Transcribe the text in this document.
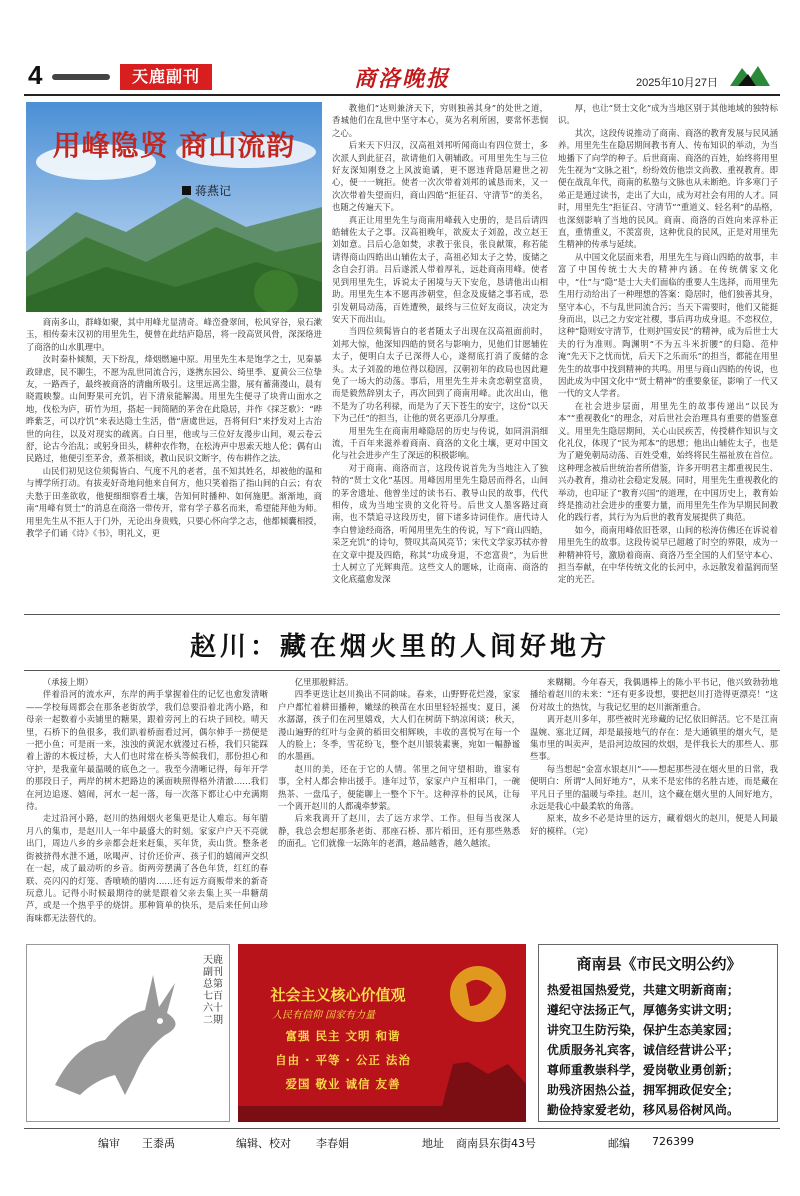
4	天鹿副刊	商洛晚报	2025年10月27日
用峰隐贤 商山流韵
蒋燕记

商南多山，群峰如聚，其中用峰尤显清奇。峰峦叠翠间，松风穿谷，泉石漱玉，相传秦末汉初的用里先生，便曾在此结庐隐居，将一段高贤风骨，深深烙进了商洛的山水肌理中。

汝时秦朴倾颓，天下纷乱，烽烟燃遍中原。用里先生本是饱学之士，见秦暴政肆虐，民不聊生，不愿为乱世同流合污，遂携东园公、绮里季、夏黄公三位挚友，一路西子，最终被商洛的清幽所吸引。这里远离尘嚣，展有蓄蒲漫山，晨有晓霞映黎。山间野果可充饥，岩下清泉能解渴。用里先生便寻了块背山面水之地，伐松为庐，斫竹为垣，搭起一间简陋的茅舍在此隐居，并作《採芝歌》：“晔晔紫芝，可以疗饥”来表达隐士生活，借“唐虞世远，吾将何归”来抒发对上古治世的向往，以及对现实的疏离。白日里，他或与三位好友漫步山间，观云卷云舒，论古今治乱；或躬身田头，耕种农作物，在松涛声中思索天地人伦；偶有山民路过，他便引至茅舍，煮茶相谈，教山民识文断字，传布耕作之法。

山民们初见这位须髯皆白、气度不凡的老者，虽不知其姓名，却被他的温和与博学所打动。有拔麦好奇地问他来自何方，他只笑着指了指山间的白云；有农夫愁于田垄欲收，他便细细察看土壤，告知何时播种、如何施肥。渐渐地，商南“用峰有贤士”的消息在商洛一带传开，常有学子慕名而来，希望能拜他为师。用里先生从不拒人于门外，无论出身贵贱，只要心怀向学之志，他都倾囊相授，教学子们诵《诗》《书》，明礼义，更

教他们“达则兼济天下，穷则独善其身”的处世之道，香城他们在乱世中坚守本心，莫为名利所困，要常怀悲悯之心。

后来天下归汉，汉高祖刘邦听闻商山有四位贤士，多次派人到此征召，欲请他们入朝辅政。可用里先生与三位好友深知刚登之上风波诡谲，更不愿违背隐居避世之初心，便一一婉拒。使者一次次带着刘邦的诚恳而来，又一次次带着失望而归，商山四皓“拒征召、守清节”的美名，也随之传遍天下。

真正让用里先生与商南用峰载入史册的，是吕后请四皓辅佐太子之事。汉高祖晚年，欲废太子刘盈，改立赵王刘如意。吕后心急如焚，求教于张良，张良献策，称若能请得商山四皓出山辅佐太子，高祖必知太子之势，废储之念自会打消。吕后遂派人带着厚礼，远赴商南用峰。使者见到用里先生，诉说太子困境与天下安危，恳请他出山相助。用里先生本不愿再涉朝堂，但念及废储之事若成，恐引发朝局动荡，百姓遭殃，最终与三位好友商议，决定为安天下而出山。

当四位须髯皆白的老者随太子出现在汉高祖面前时，刘邦大惊，他深知四皓的贤名与影响力，见他们甘愿辅佐太子，便明白太子已深得人心，遂彻底打消了废储的念头。太子刘盈的地位得以稳固，汉朝初年的政局也因此避免了一场大的动荡。事后，用里先生并未贪恋朝堂富贵，而是毅然辞别太子，再次回到了商南用峰。此次出山，他不是为了功名利禄，而是为了天下苍生的安宁，这份“以天下为己任”的担当，让他的贤名更添几分厚重。

用里先生在商南用峰隐居的历史与传说，如同涓涓细流，千百年来滋养着商南、商洛的文化土壤，更对中国文化与社会进步产生了深远的积极影响。

对于商南、商洛而言，这段传说首先为当地注入了独特的“贤士文化”基因。用峰因用里先生隐居而得名，山间的茅舍遗址、他曾坐过的读书石、教导山民的故事，代代相传，成为当地宝贵的文化符号。后世文人墨客路过商南，也不禁追寻这段历史，留下诸多诗词佳作。唐代诗人李白曾途经商洛，听闻用里先生的传说，写下“商山四皓，采芝充饥”的诗句，赞叹其高风亮节；宋代文学家苏轼亦曾在文章中提及四皓，称其“功成身退，不恋富贵”，为后世士人树立了光辉典范。这些文人的题咏，让商南、商洛的文化底蕴愈发深

厚，也让“贤士文化”成为当地区别于其他地域的独特标识。

其次，这段传说推动了商南、商洛的教育发展与民风涵养。用里先生在隐居期间教书育人、传布知识的举动，为当地播下了向学的种子。后世商南、商洛的百姓，始终将用里先生视为“文脉之祖”，纷纷效仿他崇文尚教、重视教育。即便在战乱年代，商南的私塾与文脉也从未断绝。许多寒门子弟正是通过读书，走出了大山，成为对社会有用的人才。同时，用里先生“拒征召、守清节”“重道义、轻名利”的品格，也深刻影响了当地的民风。商南、商洛的百姓向来淳朴正直，重情重义，不羡富贵，这种优良的民风，正是对用里先生精神的传承与延续。

从中国文化层面来看，用里先生与商山四皓的故事，丰富了中国传统士大夫的精神内涵。在传统儒家文化中，“仕”与“隐”是士大夫们面临的重要人生选择，而用里先生用行动给出了一种理想的答案：隐居时，他们独善其身，坚守本心，不与乱世同流合污；当天下需要时，他们又能挺身而出，以己之力安定社稷，事后再功成身退。不恋权位，这种“隐则安守清节，仕则护国安民”的精神，成为后世士大夫的行为准则。陶渊明“不为五斗米折腰”的归隐、范仲淹“先天下之忧而忧，后天下之乐而乐”的担当，都能在用里先生的故事中找到精神的共鸣。用里与商山四皓的传说，也因此成为中国文化中“贤士精神”的重要象征，影响了一代又一代的文人学者。

在社会进步层面，用里先生的故事传递出“以民为本”“重视教化”的理念，对后世社会治理具有重要的借鉴意义。用里先生隐居期间，关心山民疾苦，传授耕作知识与文化礼仪，体现了“民为邦本”的思想；他出山辅佐太子，也是为了避免朝局动荡、百姓受难，始终将民生福祉放在首位。这种理念被后世统治者所借鉴，许多开明君主都重视民生、兴办教育，推动社会稳定发展。同时，用里先生重视教化的举动，也印证了“教育兴国”的道理，在中国历史上，教育始终是推动社会进步的重要力量，而用里先生作为早期民间教化的践行者，其行为为后世的教育发展提供了典范。

如今，商南用峰依旧苍翠，山间的松涛仿佛还在诉说着用里先生的故事。这段传说早已超越了时空的界限，成为一种精神符号，激励着商南、商洛乃至全国的人们坚守本心、担当奉献，在中华传统文化的长河中，永远散发着温润而坚定的光芒。

赵川：藏在烟火里的人间好地方

（承接上期）

伴着沿河的流水声，东岸的两手掌握着住的记忆也愈发清晰——学校每周都会在那条老街放学，我们总要沿着北湾小路，和母亲一起数着小卖铺里的糖果，跟着旁河上的石块子回校。晴天里，石桥下的鱼很多，我们趴着桥面看过河，偶尔伸手一捞便是一把小鱼；可是雨一来，浊浊的黄泥水就漫过石桥，我们只能踩着上游的木板过桥，大人们也时常在桥头等候我们，那份担心和守护，是我童年最温暖的底色之一。我至今清晰记得，每年开学的那段日子，两岸的树木把路边的溪面映照得格外清澈……我们在河边追逐、嬉闹，河水一起一落，每一次落下都让心中充满期待。

走过沿河小路，赵川的热闹烟火老集更是让人难忘。每年腊月八的集市，是赵川人一年中最盛大的时刻。家家户户天不亮就出门，周边八乡的乡亲都会赶来赶集，买年货，卖山货。整条老街被挤得水泄不通，吆喝声、讨价还价声、孩子们的嬉闹声交织在一起，成了最动听的乡音。街两旁摆满了各色年货，红红的春联、亮闪闪的灯笼、香喷喷的腊肉……还有远方商贩带来的新奇玩意儿。记得小时候最期待的就是跟着父亲去集上买一串糖葫芦，或是一个热乎乎的烧饼。那种简单的快乐，是后来任何山珍海味都无法替代的。

亿里那般鲜活。

四季更迭让赵川换出不同韵味。春来，山野野花烂漫，家家户户都忙着耕田播种，嫩绿的秧苗在水田里轻轻摇曳；夏日，溪水潺潺，孩子们在河里嬉戏，大人们在树荫下纳凉闲谈；秋天，漫山遍野的红叶与金黄的稻田交相辉映，丰收的喜悦写在每一个人的脸上；冬季，雪花纷飞，整个赵川银装素裹，宛如一幅静谧的水墨画。

赵川的美，还在于它的人情。邻里之间守望相助，谁家有事，全村人都会伸出援手。逢年过节，家家户户互相串门，一碗热茶、一盘瓜子，便能聊上一整个下午。这种淳朴的民风，让每一个离开赵川的人都魂牵梦萦。

后来我离开了赵川，去了远方求学、工作。但每当夜深人静，我总会想起那条老街、那座石桥、那片稻田，还有那些熟悉的面孔。它们就像一坛陈年的老酒，越品越香，越久越浓。

来糊糊。今年春天，我偶遇棒上的陈小平书记，他兴致勃勃地播给着赵川的未来：“还有更多设想，要把赵川打造得更漂亮！”这份对故土的热忱，与我记忆里的赵川渐渐重合。

离开赵川多年，那些被时光珍藏的记忆依旧鲜活。它不是江南温婉、塞北辽阔，却是最接地气的存在：是大通镇里的烟火气，是集市里的叫卖声，是沿河边故园的炊烟，是伴我长大的那些人、那些事。

每当想起“金富水银赵川”——想起那些浸在烟火里的日常，我便明白：所谓“人间好地方”，从来不是宏伟的名胜古迹，而是藏在平凡日子里的温暖与牵挂。赵川，这个藏在烟火里的人间好地方，永远是我心中最柔软的角落。

原来，故乡不必是诗里的远方，藏着烟火的赵川，便是人间最好的模样。（完）

天鹿副刊 总第七百六十二期
社会主义核心价值观
人民有信仰 国家有力量
富强 民主 文明 和谐
自由 · 平等 · 公正 法治
爱国 敬业 诚信 友善
商南县《市民文明公约》
热爱祖国热爱党，共建文明新商南；
遵纪守法扬正气，厚德务实讲文明；
讲究卫生防污染，保护生态美家园；
优质服务礼宾客，诚信经营讲公平；
尊师重教崇科学，爱岗敬业勇创新；
助残济困热公益，拥军拥政促安全；
勤俭持家爱老幼，移风易俗树风尚。
编审 王黍禹	编辑、校对 李春娟	地址 商南县东街43号	邮编 726399
